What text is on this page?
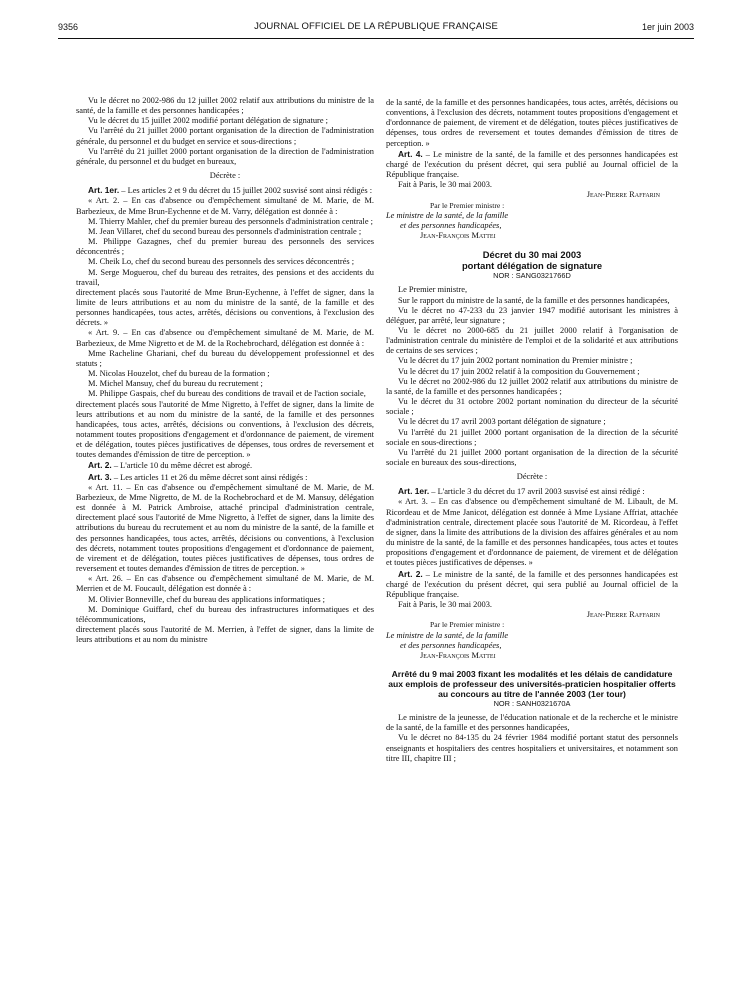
9356	JOURNAL OFFICIEL DE LA RÉPUBLIQUE FRANÇAISE	1er juin 2003

Vu le décret no 2002-986 du 12 juillet 2002 relatif aux attributions du ministre de la santé, de la famille et des personnes handicapées ;

Vu le décret du 15 juillet 2002 modifié portant délégation de signature ;

Vu l'arrêté du 21 juillet 2000 portant organisation de la direction de l'administration générale, du personnel et du budget en service et sous-directions ;

Vu l'arrêté du 21 juillet 2000 portant organisation de la direction de l'administration générale, du personnel et du budget en bureaux,

Décrète :

Art. 1er. – Les articles 2 et 9 du décret du 15 juillet 2002 susvisé sont ainsi rédigés :

« Art. 2. – En cas d'absence ou d'empêchement simultané de M. Marie, de M. Barbezieux, de Mme Brun-Eychenne et de M. Varry, délégation est donnée à :

M. Thierry Mahler, chef du premier bureau des personnels d'administration centrale ;

M. Jean Villaret, chef du second bureau des personnels d'administration centrale ;

M. Philippe Gazagnes, chef du premier bureau des personnels des services déconcentrés ;

M. Cheik Lo, chef du second bureau des personnels des services déconcentrés ;

M. Serge Moguerou, chef du bureau des retraites, des pensions et des accidents du travail,

directement placés sous l'autorité de Mme Brun-Eychenne, à l'effet de signer, dans la limite de leurs attributions et au nom du ministre de la santé, de la famille et des personnes handicapées, tous actes, arrêtés, décisions ou conventions, à l'exclusion des décrets. »

« Art. 9. – En cas d'absence ou d'empêchement simultané de M. Marie, de M. Barbezieux, de Mme Nigretto et de M. de la Rochebrochard, délégation est donnée à :

Mme Racheline Ghariani, chef du bureau du développement professionnel et des statuts ;

M. Nicolas Houzelot, chef du bureau de la formation ;

M. Michel Mansuy, chef du bureau du recrutement ;

M. Philippe Gaspais, chef du bureau des conditions de travail et de l'action sociale,

directement placés sous l'autorité de Mme Nigretto, à l'effet de signer, dans la limite de leurs attributions et au nom du ministre de la santé, de la famille et des personnes handicapées, tous actes, arrêtés, décisions ou conventions, à l'exclusion des décrets, notamment toutes propositions d'engagement et d'ordonnance de paiement, de virement et de délégation, toutes pièces justificatives de dépenses, tous ordres de reversement et toutes demandes d'émission de titre de perception. »

Art. 2. – L'article 10 du même décret est abrogé.

Art. 3. – Les articles 11 et 26 du même décret sont ainsi rédigés :

« Art. 11. – En cas d'absence ou d'empêchement simultané de M. Marie, de M. Barbezieux, de Mme Nigretto, de M. de la Rochebrochard et de M. Mansuy, délégation est donnée à M. Patrick Ambroise, attaché principal d'administration centrale, directement placé sous l'autorité de Mme Nigretto, à l'effet de signer, dans la limite des attributions du bureau du recrutement et au nom du ministre de la santé, de la famille et des personnes handicapées, tous actes, arrêtés, décisions ou conventions, à l'exclusion des décrets, notamment toutes propositions d'engagement et d'ordonnance de paiement, de virement et de délégation, toutes pièces justificatives de dépenses, tous ordres de reversement et toutes demandes d'émission de titres de perception. »

« Art. 26. – En cas d'absence ou d'empêchement simultané de M. Marie, de M. Merrien et de M. Foucault, délégation est donnée à :

M. Olivier Bonneville, chef du bureau des applications informatiques ;

M. Dominique Guiffard, chef du bureau des infrastructures informatiques et des télécommunications,

directement placés sous l'autorité de M. Merrien, à l'effet de signer, dans la limite de leurs attributions et au nom du ministre

de la santé, de la famille et des personnes handicapées, tous actes, arrêtés, décisions ou conventions, à l'exclusion des décrets, notamment toutes propositions d'engagement et d'ordonnance de paiement, de virement et de délégation, toutes pièces justificatives de dépenses, tous ordres de reversement et toutes demandes d'émission de titres de perception. »

Art. 4. – Le ministre de la santé, de la famille et des personnes handicapées est chargé de l'exécution du présent décret, qui sera publié au Journal officiel de la République française.

Fait à Paris, le 30 mai 2003.

Jean-Pierre Raffarin

Par le Premier ministre :

Le ministre de la santé, de la famille

et des personnes handicapées,

Jean-François Mattei

Décret du 30 mai 2003

portant délégation de signature

NOR : SANG0321766D

Le Premier ministre,

Sur le rapport du ministre de la santé, de la famille et des personnes handicapées,

Vu le décret no 47-233 du 23 janvier 1947 modifié autorisant les ministres à déléguer, par arrêté, leur signature ;

Vu le décret no 2000-685 du 21 juillet 2000 relatif à l'organisation de l'administration centrale du ministère de l'emploi et de la solidarité et aux attributions de certains de ses services ;

Vu le décret du 17 juin 2002 portant nomination du Premier ministre ;

Vu le décret du 17 juin 2002 relatif à la composition du Gouvernement ;

Vu le décret no 2002-986 du 12 juillet 2002 relatif aux attributions du ministre de la santé, de la famille et des personnes handicapées ;

Vu le décret du 31 octobre 2002 portant nomination du directeur de la sécurité sociale ;

Vu le décret du 17 avril 2003 portant délégation de signature ;

Vu l'arrêté du 21 juillet 2000 portant organisation de la direction de la sécurité sociale en sous-directions ;

Vu l'arrêté du 21 juillet 2000 portant organisation de la direction de la sécurité sociale en bureaux des sous-directions,

Décrète :

Art. 1er. – L'article 3 du décret du 17 avril 2003 susvisé est ainsi rédigé :

« Art. 3. – En cas d'absence ou d'empêchement simultané de M. Libault, de M. Ricordeau et de Mme Janicot, délégation est donnée à Mme Lysiane Affriat, attachée d'administration centrale, directement placée sous l'autorité de M. Ricordeau, à l'effet de signer, dans la limite des attributions de la division des affaires générales et au nom du ministre de la santé, de la famille et des personnes handicapées, tous actes et toutes propositions d'engagement et d'ordonnance de paiement, de virement et de délégation et toutes pièces justificatives de dépenses. »

Art. 2. – Le ministre de la santé, de la famille et des personnes handicapées est chargé de l'exécution du présent décret, qui sera publié au Journal officiel de la République française.

Fait à Paris, le 30 mai 2003.

Jean-Pierre Raffarin

Par le Premier ministre :

Le ministre de la santé, de la famille

et des personnes handicapées,

Jean-François Mattei

Arrêté du 9 mai 2003 fixant les modalités et les délais de candidature aux emplois de professeur des universités-praticien hospitalier offerts au concours au titre de l'année 2003 (1er tour)

NOR : SANH0321670A

Le ministre de la jeunesse, de l'éducation nationale et de la recherche et le ministre de la santé, de la famille et des personnes handicapées,

Vu le décret no 84-135 du 24 février 1984 modifié portant statut des personnels enseignants et hospitaliers des centres hospitaliers et universitaires, et notamment son titre III, chapitre III ;
